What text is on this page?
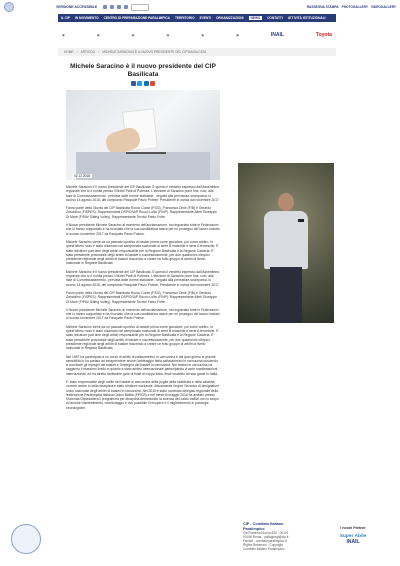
VERSIONE ACCESSIBILE	RASSEGNA STAMPA PHOTOGALLERY VIDEOGALLERY
IL CIP IN MOVIMENTO CENTRO DI PREPARAZIONE PARALIMPICA TERRITORIO EVENTI ORGANIZZAZIONI	NEWS	CONTATTI ATTIVITÀ ISTITUZIONALI
▣	▣	▣	▣	▣	▣	INAIL	Toyota
HOME › ARTICOLI › MICHELE SARACINO È IL NUOVO PRESIDENTE DEL CIP BASILICATA
Michele Saracino è il nuovo presidente del CIP Basilicata
02.12.2018

Michele Saracino è il nuovo presidente del CIP Basilicata. È questo il verdetto espresso dall'Assemblea regionale che si è riunita presso il Motel Park di Potenza. L'elezione di Saracino pone fine, così, alla fase di Commissariamento - prevista dalle norme statutarie - seguita alla prematura scomparsa, lo scorso 14 agosto 2018, del compianto Pasquale Paolo Polese, Presidente in carica dal novembre 2017.

Fanno parte della Giunta del CIP Basilicata Rocco Conte (FSSI), Francesco Dinie (FIB) e Gerardo Zandolino (FISPES). Rappresentanti DSP/DSAP Rocco Lollio (FINP). Rappresentante Atleti Giuseppe Di Mare (FIPAV Sitting Volley). Rappresentante Tecnici Fabio Forte.

Il Nuovo presidente Michele Saracino al momento dell'acclamazione, ha ringraziato tutte le Federazioni che lo hanno supportato e ha ricordato che la sua candidatura nasce per un proseguo del lavoro iniziato lo scorso novembre 2017 da Pasquale Paolo Polese.

Michele Saracino viene da un passato sportivo di basket prima come giocatore, poi come arbitro. In quest'ultimo ruolo è stato chiamato nel campionato nazionale di serie B maschile e serie A femminile. È stato istruttore part time degli arbitri responsabile per la Regione Basilicata e la Regione Calabria. E' stato presidente provinciale degli arbitri di basket e successivamente, per due quadrienni olimpici, presidente regionale degli arbitri di basket riuscendo a creare un folto gruppo di arbitri di livello nazionale in Regione Basilicata.

Michele Saracino è il nuovo presidente del CIP Basilicata. È questo il verdetto espresso dall'Assemblea regionale che si è riunita presso il Motel Park di Potenza. L'elezione di Saracino pone fine, così, alla fase di Commissariamento - prevista dalle norme statutarie - seguita alla prematura scomparsa, lo scorso 14 agosto 2018, del compianto Pasquale Paolo Polese, Presidente in carica dal novembre 2017.

Fanno parte della Giunta del CIP Basilicata Rocco Conte (FSSI), Francesco Dinie (FIB) e Gerardo Zandolino (FISPES). Rappresentanti DSP/DSAP Rocco Lollio (FINP). Rappresentante Atleti Giuseppe Di Mare (FIPAV Sitting Volley). Rappresentante Tecnici Fabio Forte.

Il Nuovo presidente Michele Saracino al momento dell'acclamazione, ha ringraziato tutte le Federazioni che lo hanno supportato e ha ricordato che la sua candidatura nasce per un proseguo del lavoro iniziato lo scorso novembre 2017 da Pasquale Paolo Polese.

Michele Saracino viene da un passato sportivo di basket prima come giocatore, poi come arbitro. In quest'ultimo ruolo è stato chiamato nel campionato nazionale di serie B maschile e serie A femminile. È stato istruttore part time degli arbitri responsabile per la Regione Basilicata e la Regione Calabria. E' stato presidente provinciale degli arbitri di basket e successivamente, per due quadrienni olimpici, presidente regionale degli arbitri di basket riuscendo a creare un folto gruppo di arbitri di livello nazionale in Regione Basilicata.

Nel 1987 ha partecipato a un corso di arbitri di pallacanestro in carrozzina e dal quel giorno la grande sensibilità lo ha portato ad intraprendere anche l'arbitraggio della pallacanestro in carrozzina riuscendo a conciliare gli impegni del basket e l'impegno del basket in carrozzina. Nel basket in carrozzina ha raggiunto il massimo livello in quanto è stato arbitro internazionale partecipando a varie manifestazioni internazionali, ed ha diretto tantissime gare di finali di coppa Italia, finali scudetto ad star game in Italia.

E' stato responsabile degli arbitri del basket in carrozzina della puglia della basilicata e della calabria, nonché anche in della disciplina e stato strutture nazionale. Attualmente ricopre l'incarico di designatore unico nazionale degli arbitri di basket in carrozzina. Nel 2015 è stato nominato delegato regionale della federazione Paralimpica Italiana Calcio Balilla (FPICB) e nel mese di maggio 2018 ha avviato presso l'Azienda Ospedaliera il programma per disciplina denominata 'la scienza del calcio balilla' con lo scopo di favorire mantenimento, monitoraggio e ove possibile il recupero e il miglioramento in patologie neurologiche.

CIP - Comitato Italiano Paralimpico
Via Flaminia Nuova 830 - 00191
00196 Roma - pallagiorgi@cip.it
Fiscale - comitatoparalimpico.it
Rights Reserved - Copyright
Comitato Italiano Paralimpico
I nostri Partner
Super Abile
INAIL
